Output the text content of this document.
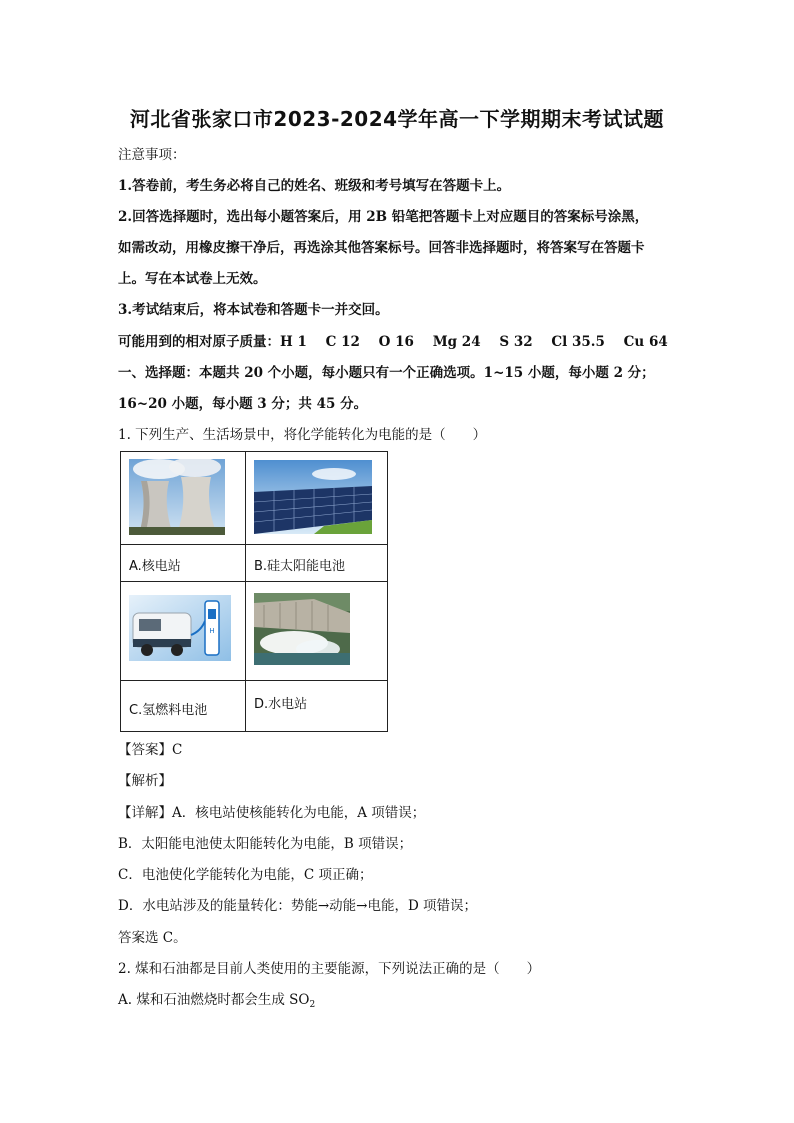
河北省张家口市2023-2024学年高一下学期期末考试试题
注意事项：
1.答卷前，考生务必将自己的姓名、班级和考号填写在答题卡上。
2.回答选择题时，选出每小题答案后，用 2B 铅笔把答题卡上对应题目的答案标号涂黑，
如需改动，用橡皮擦干净后，再选涂其他答案标号。回答非选择题时，将答案写在答题卡
上。写在本试卷上无效。
3.考试结束后，将本试卷和答题卡一并交回。
可能用到的相对原子质量：H 1    C 12    O 16    Mg 24    S 32    Cl 35.5    Cu 64
一、选择题：本题共 20 个小题，每小题只有一个正确选项。1~15 小题，每小题 2 分；
16~20 小题，每小题 3 分；共 45 分。
1. 下列生产、生活场景中，将化学能转化为电能的是（　　）

A.核电站	B.硅太阳能电池

H

C.氢燃料电池	D.水电站
【答案】C
【解析】
【详解】A．核电站使核能转化为电能，A 项错误；
B．太阳能电池使太阳能转化为电能，B 项错误；
C．电池使化学能转化为电能，C 项正确；
D．水电站涉及的能量转化：势能→动能→电能，D 项错误；
答案选 C。
2. 煤和石油都是目前人类使用的主要能源，下列说法正确的是（　　）
A. 煤和石油燃烧时都会生成 $SO_2$
